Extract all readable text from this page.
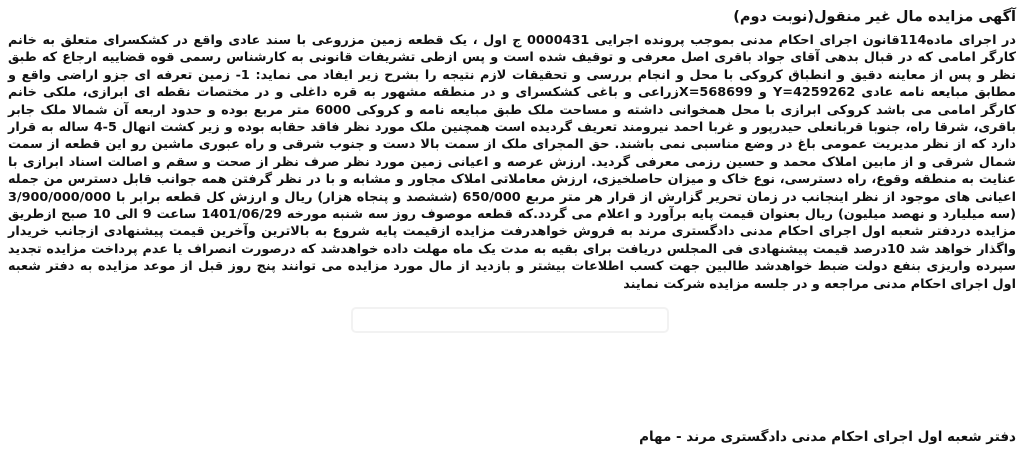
آگهی مزایده مال غیر منقول(نوبت دوم)

در اجرای ماده114قانون اجرای احکام مدنی بموجب پرونده اجرایی 0000431 ج اول ، یک قطعه زمین مزروعی با سند عادی واقع در کشکسرای متعلق به خانم کارگر امامی که در قبال بدهی آقای جواد باقری اصل معرفی و توقیف شده است و پس ازطی تشریفات قانونی به کارشناس رسمی قوه قضاییه ارجاع که طبق نظر و پس از معاینه دقیق و انطباق کروکی با محل و انجام بررسی و تحقیقات لازم نتیجه را بشرح زیر ایفاد می نماید: 1- زمین تعرفه ای جزو اراضی واقع و مطابق مبایعه نامه عادی Y=4259262 و X=568699زراعی و باغی کشکسرای و در منطقه مشهور به قره داغلی و در مختصات نقطه ای ابرازی، ملکی خانم کارگر امامی می باشد کروکی ابرازی با محل همخوانی داشته و مساحت ملک طبق مبایعه نامه و کروکی 6000 متر مربع بوده و حدود اربعه آن شمالا ملک جابر باقری، شرقا راه، جنوبا قربانعلی حیدرپور و غربا احمد نیرومند تعریف گردیده است همچنین ملک مورد نظر فاقد حقابه بوده و زیر کشت انهال 5-4 ساله به قرار دارد که از نظر مدیریت عمومی باغ در وضع مناسبی نمی باشند. حق المجرای ملک از سمت بالا دست و جنوب شرقی و راه عبوری ماشین رو این قطعه از سمت شمال شرقی و از مابین املاک محمد و حسین رزمی معرفی گردید. ارزش عرصه و اعیانی زمین مورد نظر صرف نظر از صحت و سقم و اصالت اسناد ابرازی با عنایت به منطقه وقوع، راه دسترسی، نوع خاک و میزان حاصلخیزی، ارزش معاملاتی املاک مجاور و مشابه و با در نظر گرفتن همه جوانب قابل دسترس من جمله اعیانی های موجود از نظر اینجانب در زمان تحریر گزارش از قرار هر متر مربع 650/000 (ششصد و پنجاه هزار) ریال و ارزش کل قطعه برابر با 3/900/000/000 (سه میلیارد و نهصد میلیون) ریال بعنوان قیمت پایه برآورد و اعلام می گردد.که قطعه موصوف روز سه شنبه مورخه 1401/06/29 ساعت 9 الی 10 صبح ازطریق مزایده دردفتر شعبه اول اجرای احکام مدنی دادگستری مرند به فروش خواهدرفت مزایده ازقیمت پایه شروع به بالاترین وآخرین قیمت پیشنهادی ازجانب خریدار واگذار خواهد شد 10درصد قیمت پیشنهادی فی المجلس دریافت برای بقیه به مدت یک ماه مهلت داده خواهدشد که درصورت انصراف یا عدم پرداخت مزایده تجدید سپرده واریزی بنفع دولت ضبط خواهدشد طالبین جهت کسب اطلاعات بیشتر و بازدید از مال مورد مزایده می توانند پنج روز قبل از موعد مزایده به دفتر شعبه اول اجرای احکام مدنی مراجعه و در جلسه مزایده شرکت نمایند

دفتر شعبه اول اجرای احکام مدنی دادگستری مرند - مهام
